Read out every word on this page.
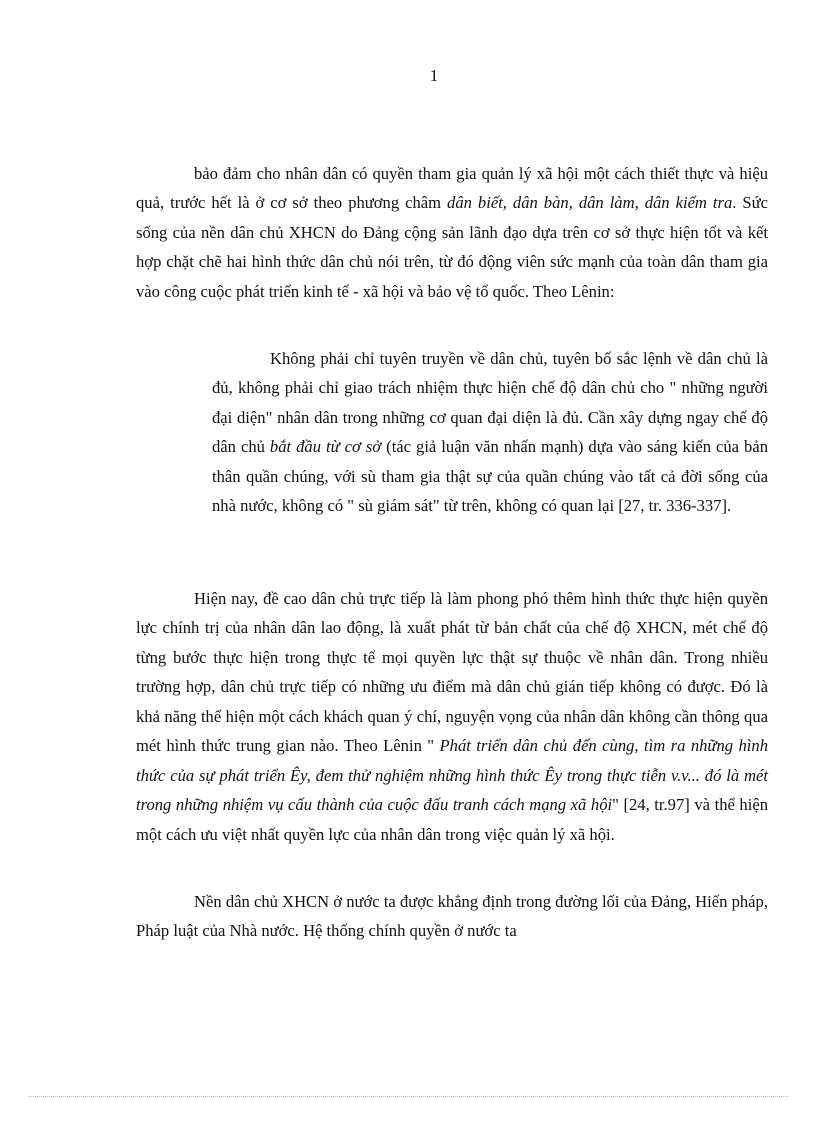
1

bảo đảm cho nhân dân có quyền tham gia quản lý xã hội một cách thiết thực và hiệu quả, trước hết là ở cơ sở theo phương châm dân biết, dân bàn, dân làm, dân kiểm tra. Sức sống của nền dân chủ XHCN do Đảng cộng sản lãnh đạo dựa trên cơ sở thực hiện tốt và kết hợp chặt chẽ hai hình thức dân chủ nói trên, từ đó động viên sức mạnh của toàn dân tham gia vào công cuộc phát triển kinh tế - xã hội và bảo vệ tổ quốc. Theo Lênin:

Không phải chỉ tuyên truyền về dân chủ, tuyên bố sắc lệnh về dân chủ là đủ, không phải chỉ giao trách nhiệm thực hiện chế độ dân chủ cho " những người đại diện" nhân dân trong những cơ quan đại diện là đủ. Cần xây dựng ngay chế độ dân chủ bắt đầu từ cơ sở (tác giả luận văn nhấn mạnh) dựa vào sáng kiến của bản thân quần chúng, với sù tham gia thật sự của quần chúng vào tất cả đời sống của nhà nước, không có " sù giám sát" từ trên, không có quan lại [27, tr. 336-337].

Hiện nay, đề cao dân chủ trực tiếp là làm phong phó thêm hình thức thực hiện quyền lực chính trị của nhân dân lao động, là xuất phát từ bản chất của chế độ XHCN, mét chế độ từng bước thực hiện trong thực tế mọi quyền lực thật sự thuộc về nhân dân. Trong nhiều trường hợp, dân chủ trực tiếp có những ưu điểm mà dân chủ gián tiếp không có được. Đó là khả năng thể hiện một cách khách quan ý chí, nguyện vọng của nhân dân không cần thông qua mét hình thức trung gian nào. Theo Lênin " Phát triển dân chủ đến cùng, tìm ra những hình thức của sự phát triển Êy, đem thử nghiệm những hình thức Êy trong thực tiễn v.v... đó là mét trong những nhiệm vụ cấu thành của cuộc đấu tranh cách mạng xã hội" [24, tr.97] và thể hiện một cách ưu việt nhất quyền lực của nhân dân trong việc quản lý xã hội.

Nền dân chủ XHCN ở nước ta được khẳng định trong đường lối của Đảng, Hiến pháp, Pháp luật của Nhà nước. Hệ thống chính quyền ở nước ta
